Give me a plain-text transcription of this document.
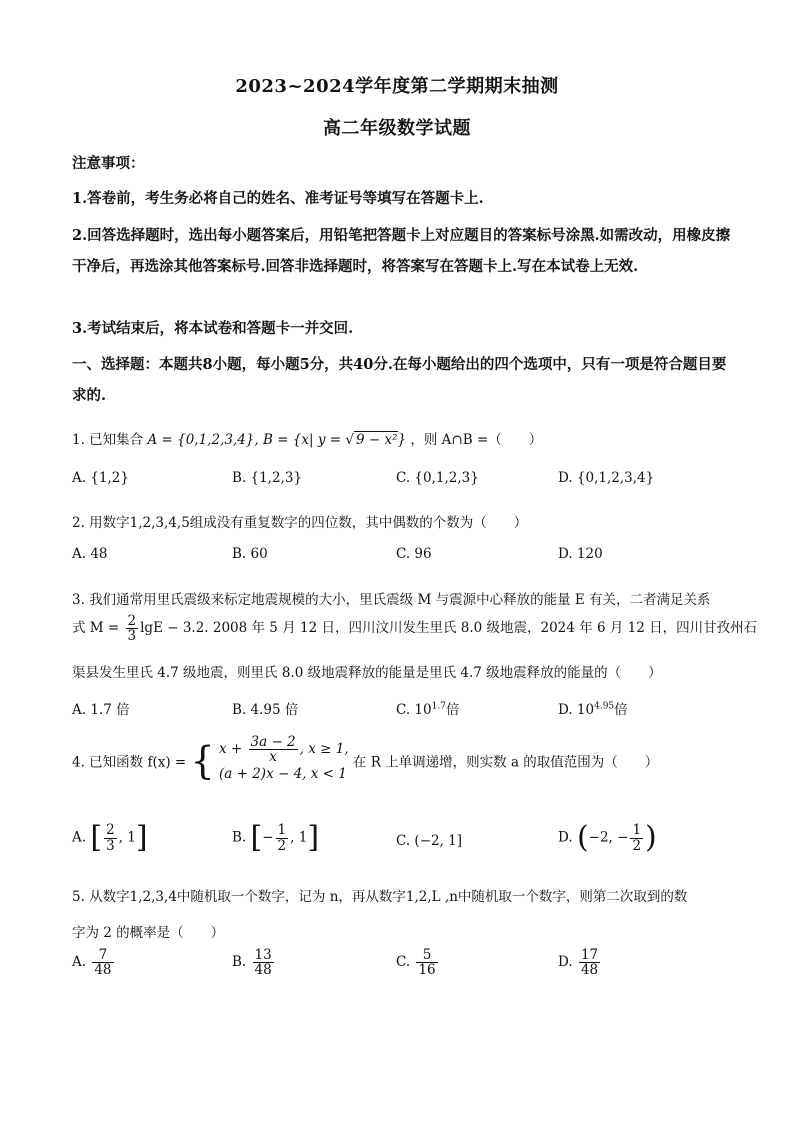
2023~2024学年度第二学期期末抽测
高二年级数学试题
注意事项：
1.答卷前，考生务必将自己的姓名、准考证号等填写在答题卡上.
2.回答选择题时，选出每小题答案后，用铅笔把答题卡上对应题目的答案标号涂黑.如需改动，用橡皮擦干净后，再选涂其他答案标号.回答非选择题时，将答案写在答题卡上.写在本试卷上无效.
3.考试结束后，将本试卷和答题卡一并交回.
一、选择题：本题共8小题，每小题5分，共40分.在每小题给出的四个选项中，只有一项是符合题目要求的.
1. 已知集合 A = {0,1,2,3,4}, B = {x| y = √ 9 − x²} ，则 A∩B =（　　）
A. {1,2}	B. {1,2,3}	C. {0,1,2,3}	D. {0,1,2,3,4}
2. 用数字1,2,3,4,5组成没有重复数字的四位数，其中偶数的个数为（　　）
A. 48	B. 60	C. 96	D. 120
3. 我们通常用里氏震级来标定地震规模的大小，里氏震级 M 与震源中心释放的能量 E 有关，二者满足关系
式 $M = \frac{2}{3}$ lgE − 3.2. 2008 年 5 月 12 日，四川汶川发生里氏 8.0 级地震，2024 年 6 月 12 日，四川甘孜州石
渠县发生里氏 4.7 级地震，则里氏 8.0 级地震释放的能量是里氏 4.7 级地震释放的能量的（　　）
A. 1.7 倍	B. 4.95 倍	C. $10^{1.7}$倍	D. $10^{4.95}$倍
4. 已知函数 f(x) = { $x + \frac{3a - 2}{x}$ , x ≥ 1,
(a + 2)x − 4, x < 1
在 R 上单调递增，则实数 a 的取值范围为（　　）
A. [ $\frac{2}{3}$ , 1]	B. [− $\frac{1}{2}$ , 1]	C. (−2, 1]	D. (−2, − $\frac{1}{2}$ )
5. 从数字1,2,3,4中随机取一个数字，记为 n，再从数字1,2,L ,n中随机取一个数字，则第二次取到的数
字为 2 的概率是（　　）
A. $\frac{7}{48}$	B. $\frac{13}{48}$	C. $\frac{5}{16}$	D. $\frac{17}{48}$
